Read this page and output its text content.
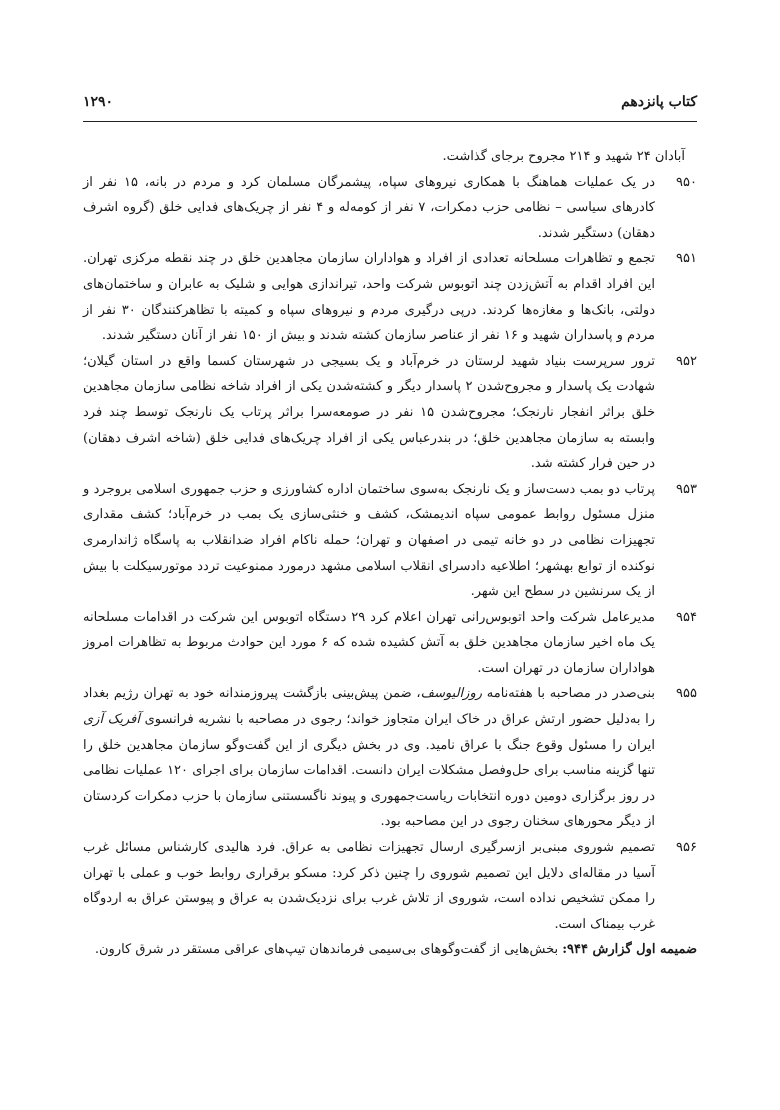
کتاب پانزدهم
۱۲۹۰

آبادان ۲۴ شهید و ۲۱۴ مجروح برجای گذاشت.

۹۵۰
در یک عملیات هماهنگ با همکاری نیروهای سپاه، پیشمرگان مسلمان کرد و مردم در بانه، ۱۵ نفر از کادرهای سیاسی – نظامی حزب دمکرات، ۷ نفر از کومه‌له و ۴ نفر از چریک‌های فدایی خلق (گروه اشرف دهقان) دستگیر شدند.

۹۵۱
تجمع و تظاهرات مسلحانه تعدادی از افراد و هواداران سازمان مجاهدین خلق در چند نقطه مرکزی تهران. این افراد اقدام به آتش‌زدن چند اتوبوس شرکت واحد، تیراندازی هوایی و شلیک به عابران و ساختمان‌های دولتی، بانک‌ها و مغازه‌ها کردند. درپی درگیری مردم و نیروهای سپاه و کمیته با تظاهرکنندگان ۳۰ نفر از مردم و پاسداران شهید و ۱۶ نفر از عناصر سازمان کشته شدند و بیش از ۱۵۰ نفر از آنان دستگیر شدند.

۹۵۲
ترور سرپرست بنیاد شهید لرستان در خرم‌آباد و یک بسیجی در شهرستان کسما واقع در استان گیلان؛ شهادت یک پاسدار و مجروح‌شدن ۲ پاسدار دیگر و کشته‌شدن یکی از افراد شاخه نظامی سازمان مجاهدین خلق براثر انفجار نارنجک؛ مجروح‌شدن ۱۵ نفر در صومعه‌سرا براثر پرتاب یک نارنجک توسط چند فرد وابسته به سازمان مجاهدین خلق؛ در بندرعباس یکی از افراد چریک‌های فدایی خلق (شاخه اشرف دهقان) در حین فرار کشته شد.

۹۵۳
پرتاب دو بمب دست‌ساز و یک نارنجک به‌سوی ساختمان اداره کشاورزی و حزب جمهوری اسلامی بروجرد و منزل مسئول روابط عمومی سپاه اندیمشک، کشف و خنثی‌سازی یک بمب در خرم‌آباد؛ کشف مقداری تجهیزات نظامی در دو خانه تیمی در اصفهان و تهران؛ حمله ناکام افراد ضدانقلاب به پاسگاه ژاندارمری نوکنده از توابع بهشهر؛ اطلاعیه دادسرای انقلاب اسلامی مشهد درمورد ممنوعیت تردد موتورسیکلت با بیش از یک سرنشین در سطح این شهر.

۹۵۴
مدیرعامل شرکت واحد اتوبوس‌رانی تهران اعلام کرد ۲۹ دستگاه اتوبوس این شرکت در اقدامات مسلحانه یک ماه اخیر سازمان مجاهدین خلق به آتش کشیده شده که ۶ مورد این حوادث مربوط به تظاهرات امروز هواداران سازمان در تهران است.

۹۵۵
بنی‌صدر در مصاحبه با هفته‌نامه روزالیوسف، ضمن پیش‌بینی بازگشت پیروزمندانه خود به تهران رژیم بغداد را به‌دلیل حضور ارتش عراق در خاک ایران متجاوز خواند؛ رجوی در مصاحبه با نشریه فرانسوی آفریک آزی ایران را مسئول وقوع جنگ با عراق نامید. وی در بخش دیگری از این گفت‌وگو سازمان مجاهدین خلق را تنها گزینه مناسب برای حل‌وفصل مشکلات ایران دانست. اقدامات سازمان برای اجرای ۱۲۰ عملیات نظامی در روز برگزاری دومین دوره انتخابات ریاست‌جمهوری و پیوند ناگسستنی سازمان با حزب دمکرات کردستان از دیگر محورهای سخنان رجوی در این مصاحبه بود.

۹۵۶
تصمیم شوروی مبنی‌بر ازسرگیری ارسال تجهیزات نظامی به عراق. فرد هالیدی کارشناس مسائل غرب آسیا در مقاله‌ای دلایل این تصمیم شوروی را چنین ذکر کرد: مسکو برقراری روابط خوب و عملی با تهران را ممکن تشخیص نداده است، شوروی از تلاش غرب برای نزدیک‌شدن به عراق و پیوستن عراق به اردوگاه غرب بیمناک است.

ضمیمه اول گزارش ۹۴۴: بخش‌هایی از گفت‌وگوهای بی‌سیمی فرماندهان تیپ‌های عراقی مستقر در شرق کارون.
